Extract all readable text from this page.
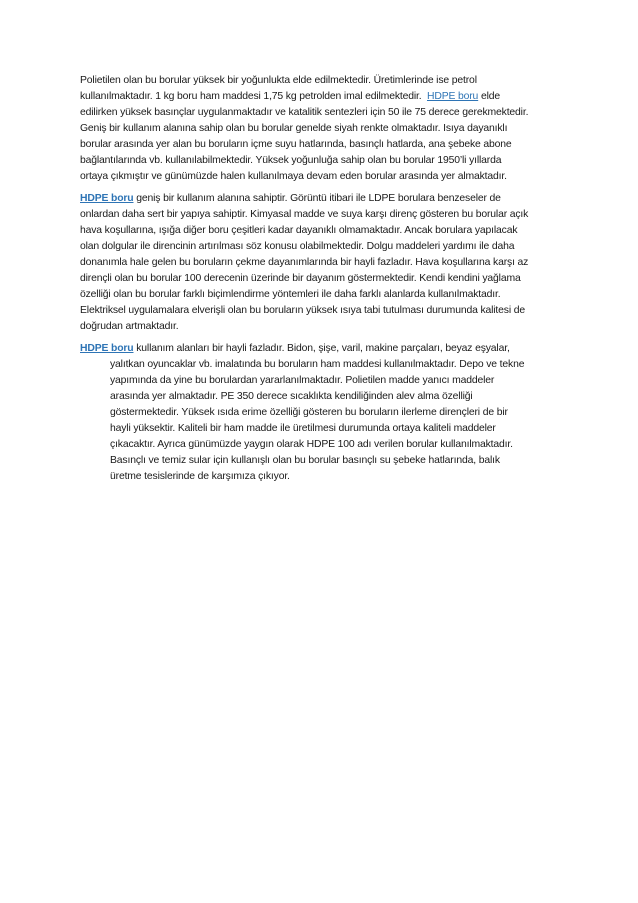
Polietilen olan bu borular yüksek bir yoğunlukta elde edilmektedir. Üretimlerinde ise petrol
kullanılmaktadır. 1 kg boru ham maddesi 1,75 kg petrolden imal edilmektedir. HDPE boru elde
edilirken yüksek basınçlar uygulanmaktadır ve katalitik sentezleri için 50 ile 75 derece gerekmektedir.
Geniş bir kullanım alanına sahip olan bu borular genelde siyah renkte olmaktadır. Isıya dayanıklı
borular arasında yer alan bu boruların içme suyu hatlarında, basınçlı hatlarda, ana şebeke abone
bağlantılarında vb. kullanılabilmektedir. Yüksek yoğunluğa sahip olan bu borular 1950’li yıllarda
ortaya çıkmıştır ve günümüzde halen kullanılmaya devam eden borular arasında yer almaktadır.

HDPE boru geniş bir kullanım alanına sahiptir. Görüntü itibari ile LDPE borulara benzeseler de
onlardan daha sert bir yapıya sahiptir. Kimyasal madde ve suya karşı direnç gösteren bu borular açık
hava koşullarına, ışığa diğer boru çeşitleri kadar dayanıklı olmamaktadır. Ancak borulara yapılacak
olan dolgular ile direncinin artırılması söz konusu olabilmektedir. Dolgu maddeleri yardımı ile daha
donanımla hale gelen bu boruların çekme dayanımlarında bir hayli fazladır. Hava koşullarına karşı az
dirençli olan bu borular 100 derecenin üzerinde bir dayanım göstermektedir. Kendi kendini yağlama
özelliği olan bu borular farklı biçimlendirme yöntemleri ile daha farklı alanlarda kullanılmaktadır.
Elektriksel uygulamalara elverişli olan bu boruların yüksek ısıya tabi tutulması durumunda kalitesi de
doğrudan artmaktadır.

HDPE boru kullanım alanları bir hayli fazladır. Bidon, şişe, varil, makine parçaları, beyaz eşyalar,
yalıtkan oyuncaklar vb. imalatında bu boruların ham maddesi kullanılmaktadır. Depo ve tekne
yapımında da yine bu borulardan yararlanılmaktadır. Polietilen madde yanıcı maddeler
arasında yer almaktadır. PE 350 derece sıcaklıkta kendiliğinden alev alma özelliği
göstermektedir. Yüksek ısıda erime özelliği gösteren bu boruların ilerleme dirençleri de bir
hayli yüksektir. Kaliteli bir ham madde ile üretilmesi durumunda ortaya kaliteli maddeler
çıkacaktır. Ayrıca günümüzde yaygın olarak HDPE 100 adı verilen borular kullanılmaktadır.
Basınçlı ve temiz sular için kullanışlı olan bu borular basınçlı su şebeke hatlarında, balık
üretme tesislerinde de karşımıza çıkıyor.
